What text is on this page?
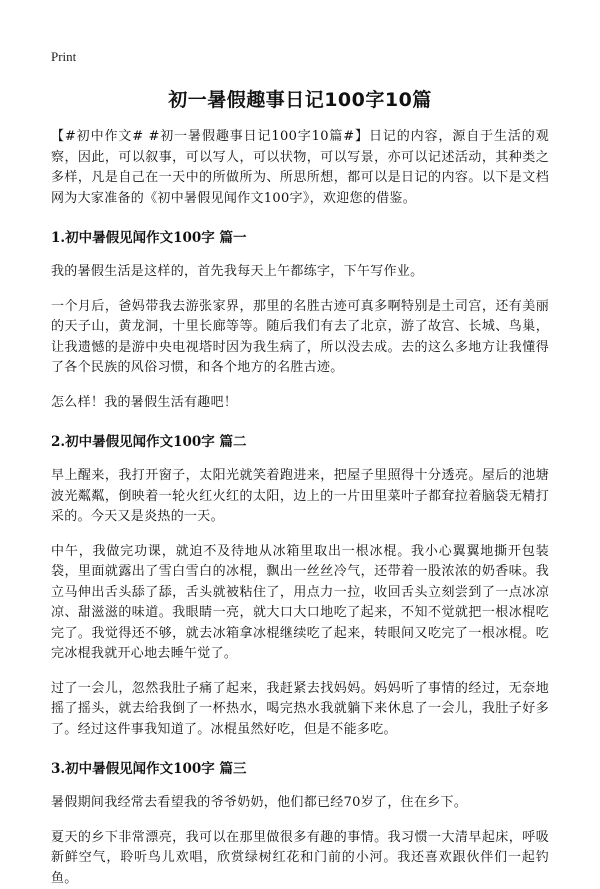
Print
初一暑假趣事日记100字10篇

【#初中作文# #初一暑假趣事日记100字10篇#】日记的内容，源自于生活的观察，因此，可以叙事，可以写人，可以状物，可以写景，亦可以记述活动，其种类之多样，凡是自己在一天中的所做所为、所思所想，都可以是日记的内容。以下是文档网为大家准备的《初中暑假见闻作文100字》，欢迎您的借鉴。

1.初中暑假见闻作文100字 篇一

我的暑假生活是这样的，首先我每天上午都练字，下午写作业。

一个月后，爸妈带我去游张家界，那里的名胜古迹可真多啊特别是土司宫，还有美丽的天子山，黄龙洞，十里长廊等等。随后我们有去了北京，游了故宫、长城、鸟巢，让我遗憾的是游中央电视塔时因为我生病了，所以没去成。去的这么多地方让我懂得了各个民族的风俗习惯，和各个地方的名胜古迹。

怎么样！我的暑假生活有趣吧！

2.初中暑假见闻作文100字 篇二

早上醒来，我打开窗子，太阳光就笑着跑进来，把屋子里照得十分透亮。屋后的池塘波光粼粼，倒映着一轮火红火红的太阳，边上的一片田里菜叶子都耷拉着脑袋无精打采的。今天又是炎热的一天。

中午，我做完功课，就迫不及待地从冰箱里取出一根冰棍。我小心翼翼地撕开包装袋，里面就露出了雪白雪白的冰棍，飘出一丝丝冷气，还带着一股浓浓的奶香味。我立马伸出舌头舔了舔，舌头就被粘住了，用点力一拉，收回舌头立刻尝到了一点冰凉凉、甜滋滋的味道。我眼睛一亮，就大口大口地吃了起来，不知不觉就把一根冰棍吃完了。我觉得还不够，就去冰箱拿冰棍继续吃了起来，转眼间又吃完了一根冰棍。吃完冰棍我就开心地去睡午觉了。

过了一会儿，忽然我肚子痛了起来，我赶紧去找妈妈。妈妈听了事情的经过，无奈地摇了摇头，就去给我倒了一杯热水，喝完热水我就躺下来休息了一会儿，我肚子好多了。经过这件事我知道了。冰棍虽然好吃，但是不能多吃。

3.初中暑假见闻作文100字 篇三

暑假期间我经常去看望我的爷爷奶奶，他们都已经70岁了，住在乡下。

夏天的乡下非常漂亮，我可以在那里做很多有趣的事情。我习惯一大清早起床，呼吸新鲜空气，聆听鸟儿欢唱，欣赏绿树红花和门前的小河。我还喜欢跟伙伴们一起钓鱼。
